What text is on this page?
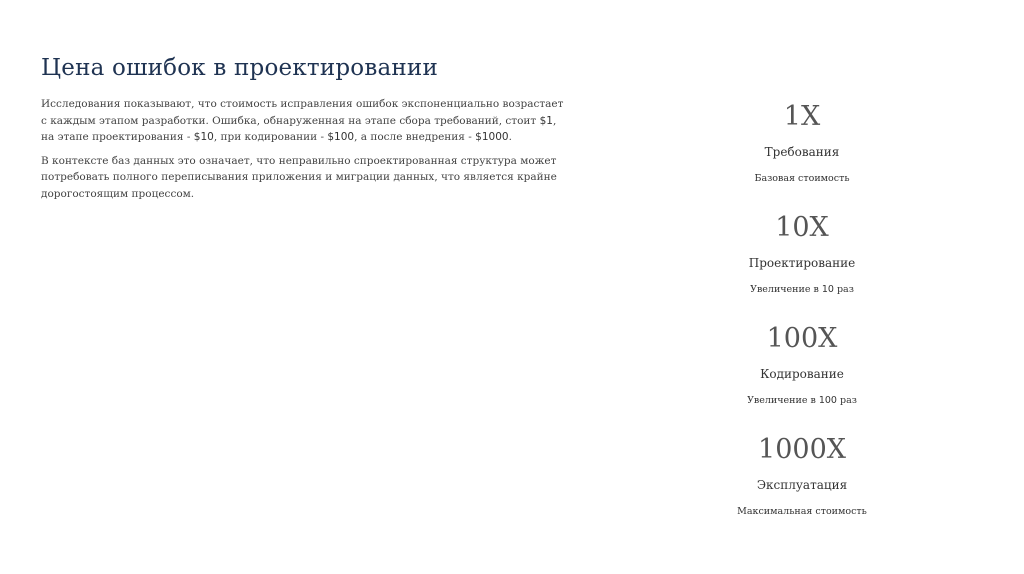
Цена ошибок в проектировании

Исследования показывают, что стоимость исправления ошибок экспоненциально возрастает с каждым этапом разработки. Ошибка, обнаруженная на этапе сбора требований, стоит $1, на этапе проектирования - $10, при кодировании - $100, а после внедрения - $1000.

В контексте баз данных это означает, что неправильно спроектированная структура может потребовать полного переписывания приложения и миграции данных, что является крайне дорогостоящим процессом.

1X
Требования
Базовая стоимость
10X
Проектирование
Увеличение в 10 раз
100X
Кодирование
Увеличение в 100 раз
1000X
Эксплуатация
Максимальная стоимость
